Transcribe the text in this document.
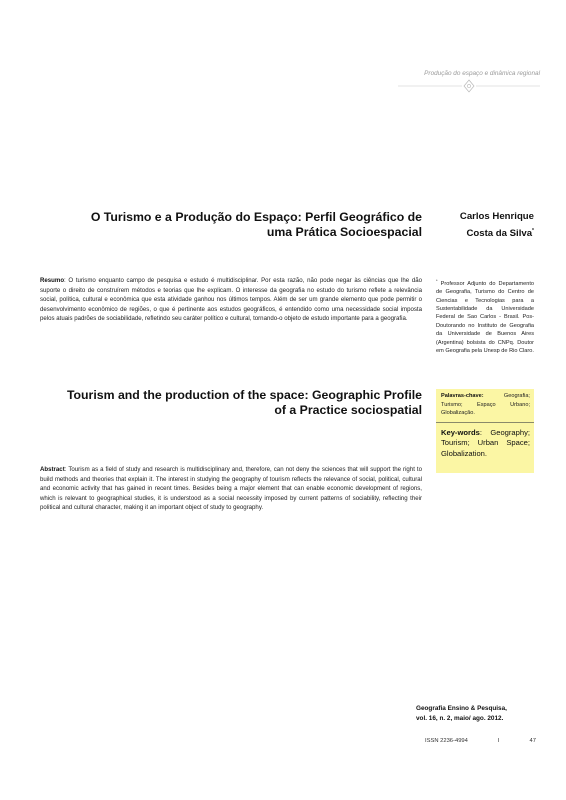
Produção do espaço e dinâmica regional
O Turismo e a Produção do Espaço: Perfil Geográfico de
uma Prática Socioespacial
Carlos Henrique
Costa da Silva*
Resumo: O turismo enquanto campo de pesquisa e estudo é multidisciplinar. Por esta razão, não pode negar às ciências que lhe dão suporte o direito de construírem métodos e teorias que lhe explicam. O interesse da geografia no estudo do turismo reflete a relevância social, política, cultural e econômica que esta atividade ganhou nos últimos tempos. Além de ser um grande elemento que pode permitir o desenvolvimento econômico de regiões, o que é pertinente aos estudos geográficos, é entendido como uma necessidade social imposta pelos atuais padrões de sociabilidade, refletindo seu caráter político e cultural, tornando-o objeto de estudo importante para a geografia.
* Professor Adjunto do Departamento de Geografia, Turismo do Centro de Ciencias e Tecnologias para a Sustentabilidade da Universidade Federal de Sao Carlos - Brasil. Pos-Doutorando no Instituto de Geografia da Universidade de Buenos Aires (Argentina) bolsista do CNPq. Doutor em Geografia pela Unesp de Rio Claro.
Tourism and the production of the space: Geographic Profile
of a Practice sociospatial
Palavras-chave: Geografia; Turismo; Espaço Urbano; Globalização.
Key-words: Geography; Tourism; Urban Space; Globalization.
Abstract: Tourism as a field of study and research is multidisciplinary and, therefore, can not deny the sciences that will support the right to build methods and theories that explain it. The interest in studying the geography of tourism reflects the relevance of social, political, cultural and economic activity that has gained in recent times. Besides being a major element that can enable economic development of regions, which is relevant to geographical studies, it is understood as a social necessity imposed by current patterns of sociability, reflecting their political and cultural character, making it an important object of study to geography.
Geografia Ensino & Pesquisa,
vol. 16, n. 2, maio/ ago. 2012.
ISSN 2236-4994	I	47
